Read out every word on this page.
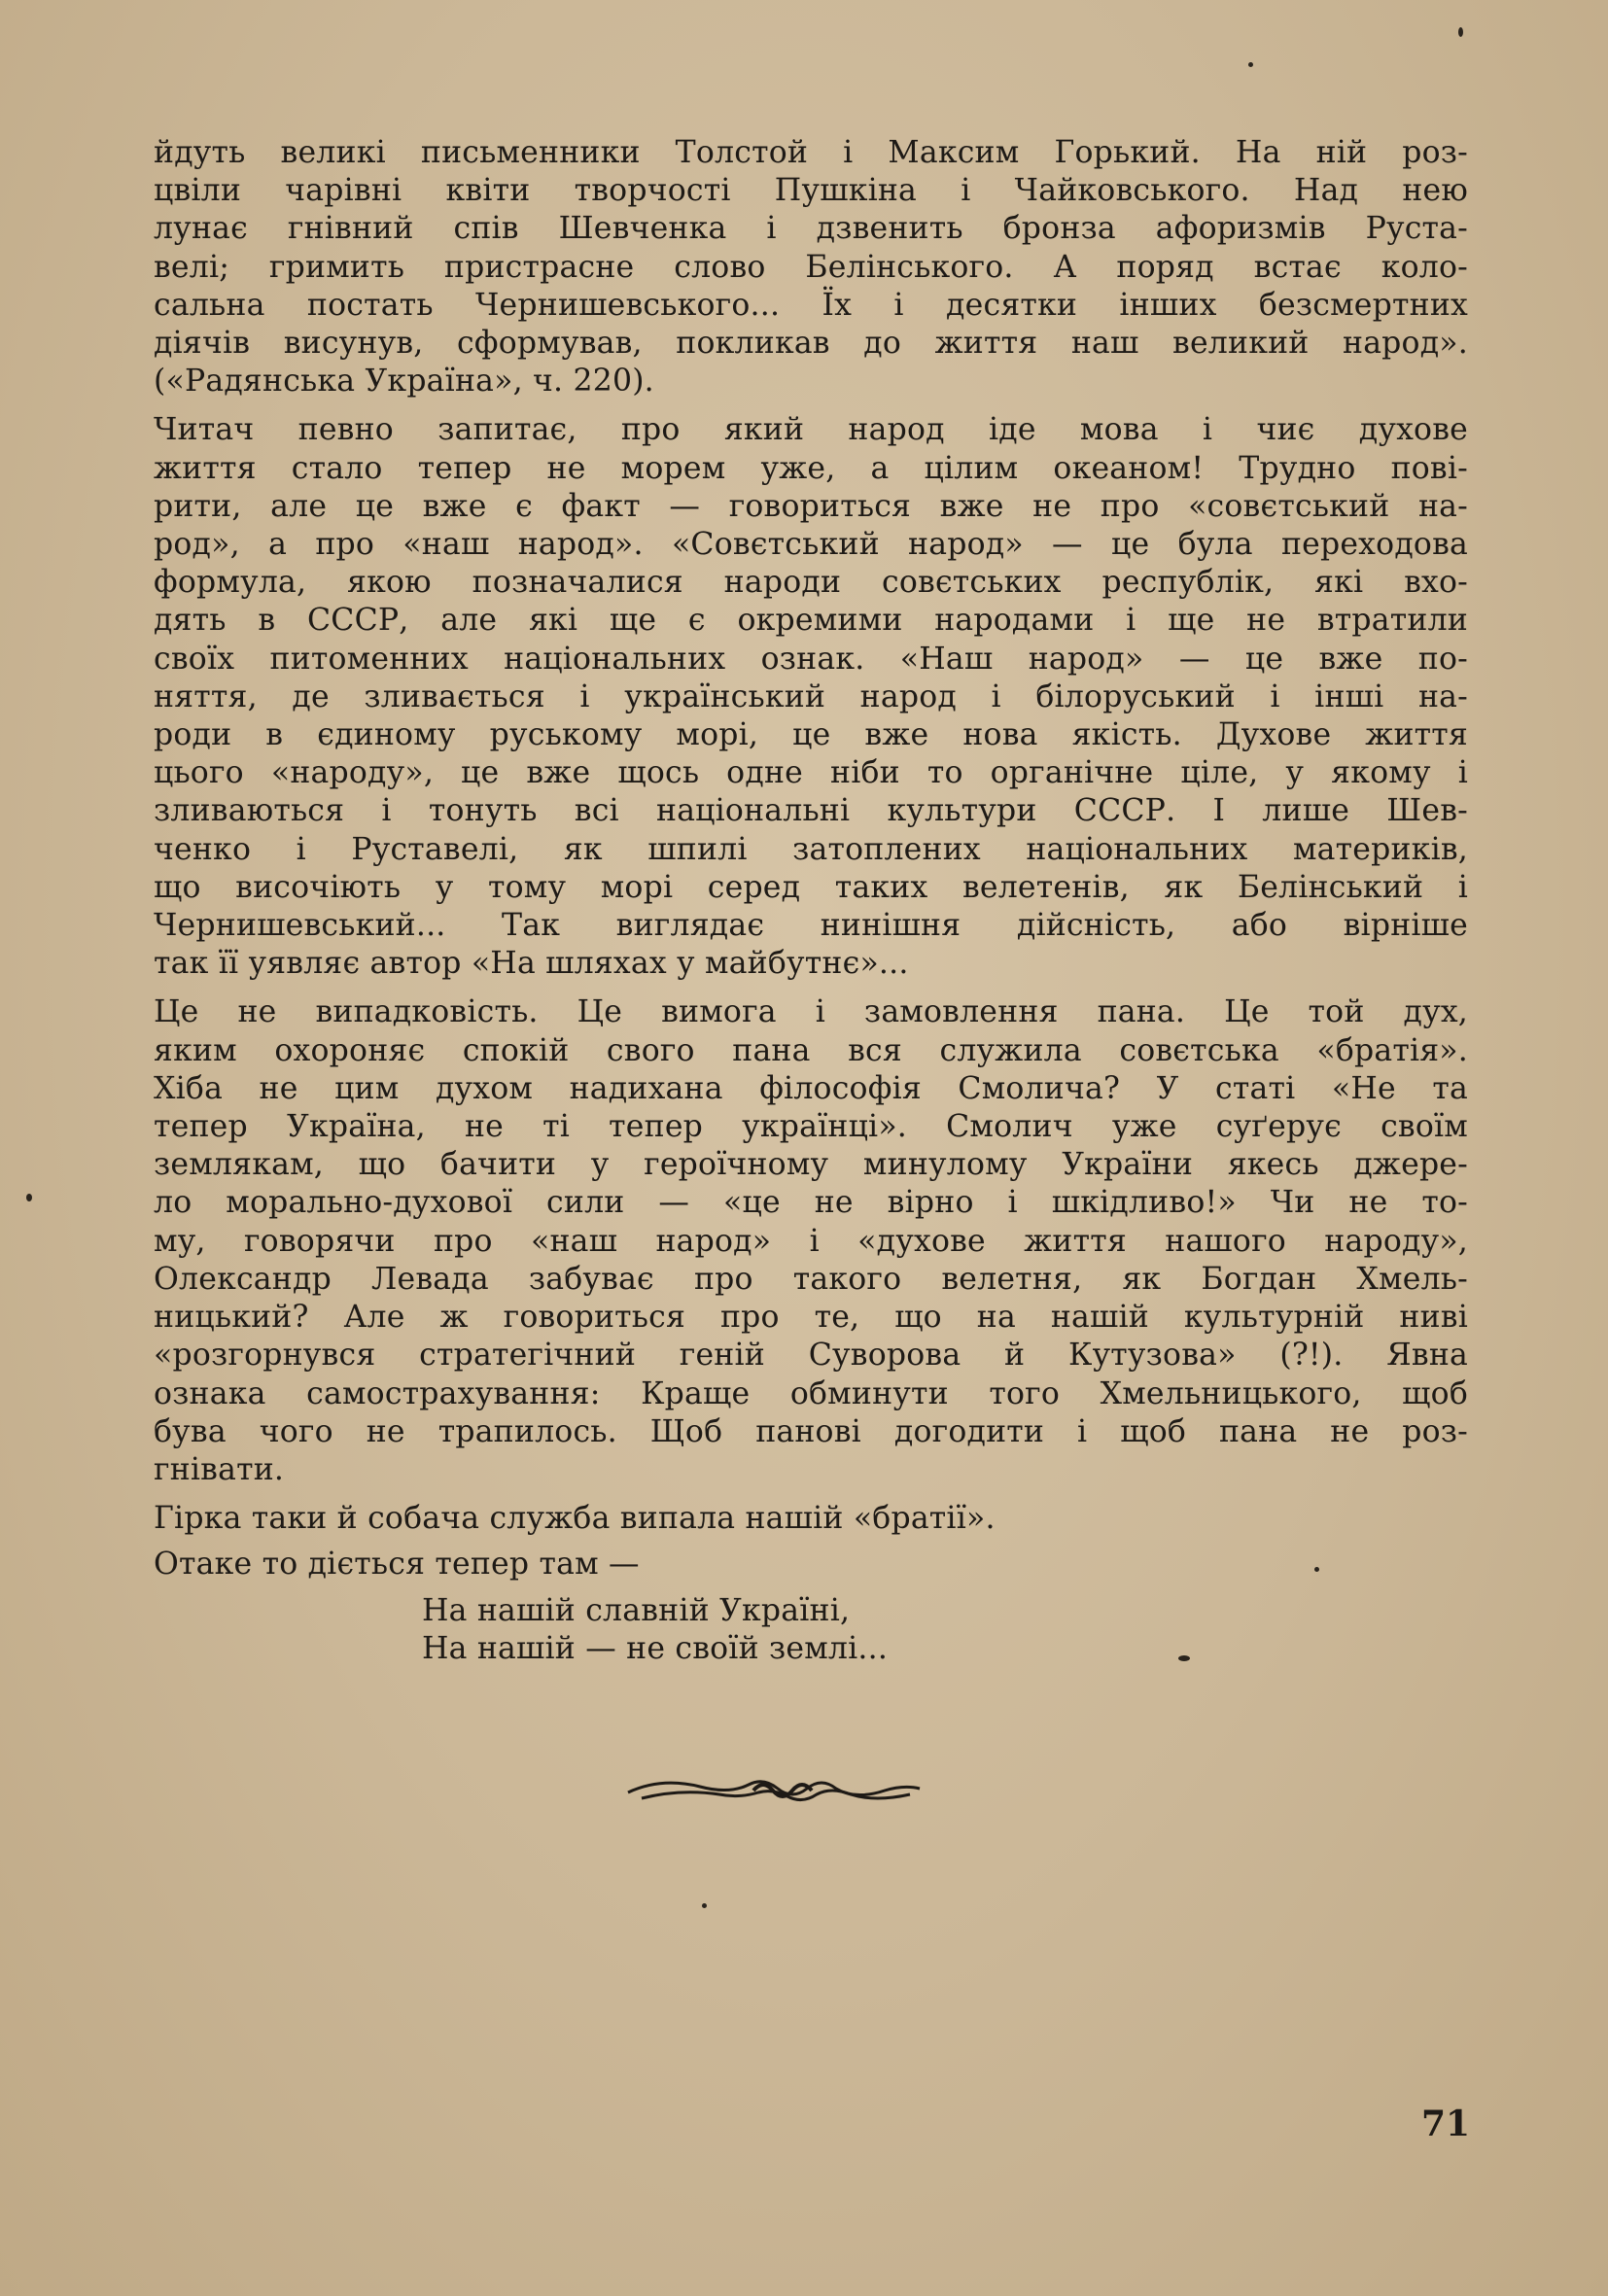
йдуть великі письменники Толстой і Максим Горький. На ній роз-
цвіли чарівні квіти творчості Пушкіна і Чайковського. Над нею
лунає гнівний спів Шевченка і дзвенить бронза афоризмів Руста-
велі; гримить пристрасне слово Белінського. А поряд встає коло-
сальна постать Чернишевського... Їх і десятки інших безсмертних
діячів висунув, сформував, покликав до життя наш великий народ».
(«Радянська Україна», ч. 220).
Читач певно запитає, про який народ іде мова і чиє духове
життя стало тепер не морем уже, а цілим океаном! Трудно пові-
рити, але це вже є факт — говориться вже не про «совєтський на-
род», а про «наш народ». «Совєтський народ» — це була переходова
формула, якою позначалися народи совєтських республік, які вхо-
дять в СССР, але які ще є окремими народами і ще не втратили
своїх питоменних національних ознак. «Наш народ» — це вже по-
няття, де зливається і український народ і білоруський і інші на-
роди в єдиному руському морі, це вже нова якість. Духове життя
цього «народу», це вже щось одне ніби то органічне ціле, у якому і
зливаються і тонуть всі національні культури СССР. І лише Шев-
ченко і Руставелі, як шпилі затоплених національних материків,
що височіють у тому морі серед таких велетенів, як Белінський і
Чернишевський... Так виглядає нинішня дійсність, або вірніше
так її уявляє автор «На шляхах у майбутнє»...
Це не випадковість. Це вимога і замовлення пана. Це той дух,
яким охороняє спокій свого пана вся служила совєтська «братія».
Хіба не цим духом надихана філософія Смолича? У статі «Не та
тепер Україна, не ті тепер українці». Смолич уже суґерує своїм
землякам, що бачити у героїчному минулому України якесь джере-
ло морально-духової сили — «це не вірно і шкідливо!» Чи не то-
му, говорячи про «наш народ» і «духове життя нашого народу»,
Олександр Левада забуває про такого велетня, як Богдан Хмель-
ницький? Але ж говориться про те, що на нашій культурній ниві
«розгорнувся стратегічний геній Суворова й Кутузова» (?!). Явна
ознака самострахування: Краще обминути того Хмельницького, щоб
бува чого не трапилось. Щоб панові догодити і щоб пана не роз-
гнівати.
Гірка таки й собача служба випала нашій «братії».
Отаке то діється тепер там —
На нашій славній Україні,
На нашій — не своїй землі...
71
